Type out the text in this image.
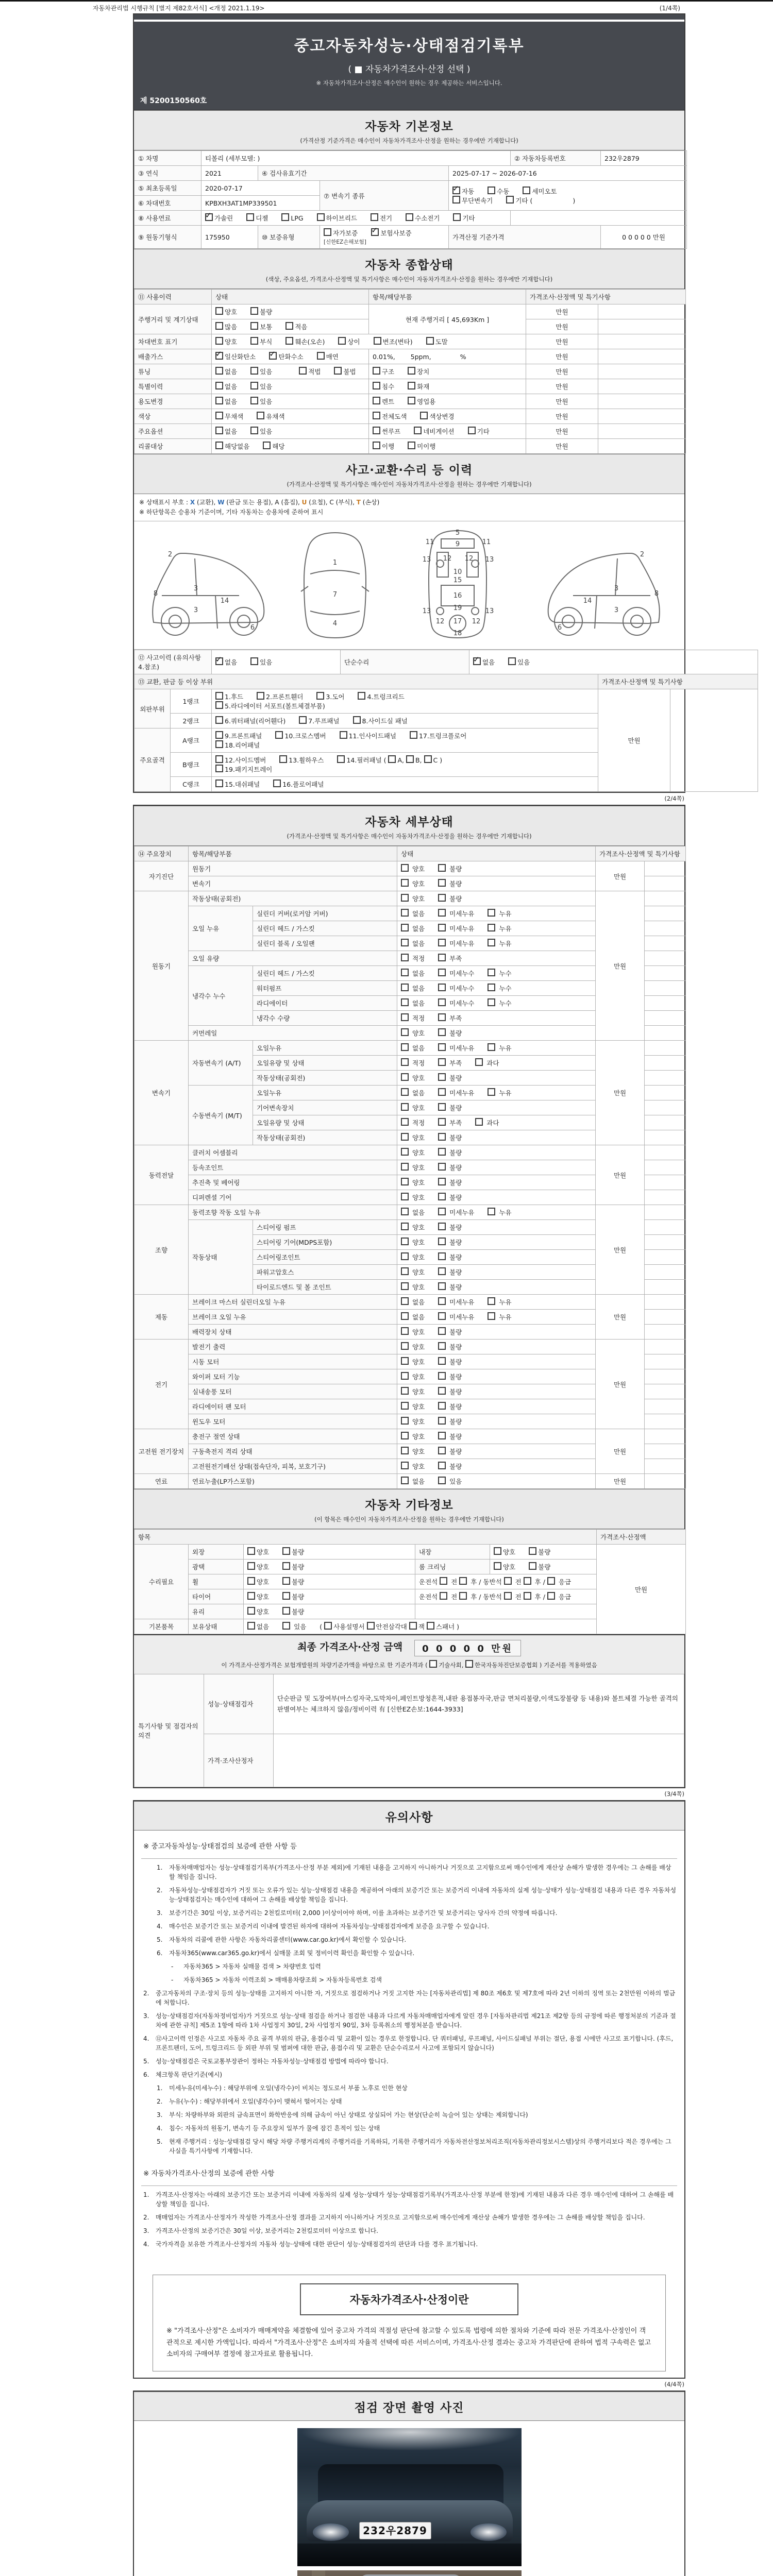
자동차관리법 시행규칙 [별지 제82호서식] <개정 2021.1.19>	(1/4쪽)
중고자동차성능·상태점검기록부
( ■ 자동차가격조사·산정 선택 )
※ 자동차가격조사·산정은 매수인이 원하는 경우 제공하는 서비스입니다.
제 5200150560호
자동차 기본정보
(가격산정 기준가격은 매수인이 자동차가격조사·산정을 원하는 경우에만 기재합니다)
① 차명	티볼리 (세부모델: )				② 자동차등록번호	232우2879
③ 연식	2021	④ 검사유효기간		2025-07-17 ~ 2026-07-16		
⑤ 최초등록일	2020-07-17		⑦ 변속기 종류	✓자동 수동 세미오토
무단변속기 기타 ( )
⑥ 차대번호	KPBXH3AT1MP339501					
⑧ 사용연료	✓가솔린 디젤 LPG 하이브리드 전기 수소전기 기타	
⑨ 원동기형식	175950	⑩ 보증유형	자가보증 ✓ 보험사보증 [신한EZ손해보험]	가격산정 기준가격		0 0 0 0 0 만원
자동차 종합상태
(색상, 주요옵션, 가격조사·산정액 및 특기사항은 매수인이 자동차가격조사·산정을 원하는 경우에만 기재합니다)
⑪ 사용이력	상태	항목/해당부품	가격조사·산정액 및 특기사항	
주행거리 및 계기상태	양호 불량	현재 주행거리 [ 45,693Km ]	만원	
	많음 보통 적음		만원	
차대번호 표기	양호 부식 훼손(오손) 상이 변조(변타) 도말		만원	
배출가스	✓일산화탄소 ✓ 탄화수소 매연	0.01%, 5ppm, %	만원	
튜닝	없음 있음 적법 불법	구조 장치	만원	
특별이력	없음 있음	침수 화재	만원	
용도변경	없음 있음	렌트 영업용	만원	
색상	무채색 유채색	전체도색 색상변경	만원	
주요옵션	없음 있음	썬루프 네비게이션 기타	만원	
리콜대상	해당없음 해당	이행 미이행	만원	
사고·교환·수리 등 이력
(가격조사·산정액 및 특기사항은 매수인이 자동차가격조사·산정을 원하는 경우에만 기재합니다)
※ 상태표시 부호 : X (교환), W (판금 또는 용접), A (흠집), U (요철), C (부식), T (손상)
※ 하단항목은 승용차 기준이며, 기타 자동차는 승용차에 준하여 표시
2
8
3
3
14
6
1
7
4
5
11	9	11
13 12 12 13
10
15
16
19
13	13
12 17 12
18
2
8
3
3
14
6
⑫ 사고이력 (유의사항 4.참조)	✓없음 있음	단순수리	✓없음 있음
⑬ 교환, 판금 등 이상 부위					가격조사·산정액 및 특기사항	
외판부위	1랭크	1.후드 2.프론트휀더 3.도어 4.트렁크리드
5.라디에이터 서포트(볼트체결부품)			만원	
	2랭크	6.쿼터패널(리어휀다) 7.루프패널 8.사이드실 패널				
주요골격	A랭크	9.프론트패널 10.크로스멤버 11.인사이드패널 17.트렁크플로어
18.리어패널				
	B랭크	12.사이드멤버 13.휠하우스 14.필러패널 ( A, B, C )
19.패키지트레이				
	C랭크	15.대쉬패널 16.플로어패널				
(2/4쪽)
자동차 세부상태
(가격조사·산정액 및 특기사항은 매수인이 자동차가격조사·산정을 원하는 경우에만 기재합니다)
⑭ 주요장치	항목/해당부품		상태	가격조사·산정액 및 특기사항	
자기진단	원동기		양호 불량	만원	
	변속기		양호 불량		
원동기	작동상태(공회전)		양호 불량	만원	
	오일 누유	실린더 커버(로커암 커버)	없음 미세누유 누유		
		실린더 헤드 / 가스킷	없음 미세누유 누유		
		실린더 블록 / 오일팬	없음 미세누유 누유		
	오일 유량		적정 부족		
	냉각수 누수	실린더 헤드 / 가스킷	없음 미세누수 누수		
		워터펌프	없음 미세누수 누수		
		라디에이터	없음 미세누수 누수		
		냉각수 수량	적정 부족		
	커먼레일		양호 불량		
변속기	자동변속기 (A/T)	오일누유	없음 미세누유 누유	만원	
		오일유량 및 상태	적정 부족 과다		
		작동상태(공회전)	양호 불량		
	수동변속기 (M/T)	오일누유	없음 미세누유 누유		
		기어변속장치	양호 불량		
		오일유량 및 상태	적정 부족 과다		
		작동상태(공회전)	양호 불량		
동력전달	클러치 어셈블리		양호 불량	만원	
	등속조인트		양호 불량		
	추진축 및 베어링		양호 불량		
	디퍼렌셜 기어		양호 불량		
조향	동력조향 작동 오일 누유		없음 미세누유 누유	만원	
	작동상태	스티어링 펌프	양호 불량		
		스티어링 기어(MDPS포함)	양호 불량		
		스티어링조인트	양호 불량		
		파워고압호스	양호 불량		
		타이로드엔드 및 볼 조인트	양호 불량		
제동	브레이크 마스터 실린더오일 누유		없음 미세누유 누유	만원	
	브레이크 오일 누유		없음 미세누유 누유		
	배력장치 상태		양호 불량		
전기	발전기 출력		양호 불량	만원	
	시동 모터		양호 불량		
	와이퍼 모터 기능		양호 불량		
	실내송풍 모터		양호 불량		
	라디에이터 팬 모터		양호 불량		
	윈도우 모터		양호 불량		
고전원 전기장치	충전구 절연 상태		양호 불량	만원	
	구동축전지 격리 상태		양호 불량		
	고전원전기배선 상태(접속단자, 피복, 보호기구)		양호 불량		
연료	연료누출(LP가스포함)		없음 있음	만원	
자동차 기타정보
(이 항목은 매수인이 자동차가격조사·산정을 원하는 경우에만 기재합니다)
항목					가격조사·산정액
수리필요	외장	양호 불량	내장	양호 불량	만원
	광택	양호 불량	룸 크리닝	양호 불량	
	휠	양호 불량	운전석  전  후 / 동반석  전  후 /  응급		
	타이어	양호 불량	운전석  전  후 / 동반석  전  후 /  응급		
	유리	양호 불량			
기본품목	보유상태	없음 있음 ( 사용설명서 안전삼각대 잭 스패너 )			
최종 가격조사·산정 금액 0 0 0 0 0 만원
이 가격조사·산정가격은 보험개발원의 차량기준가액을 바탕으로 한 기준가격과 ( 기술사회, 한국자동차진단보증협회 ) 기준서를 적용하였음
특기사항 및 점검자의 의견	성능·상태점검자	단순판금 및 도장여부(마스킹자국,도막차이,페인트방청흔적,내판 용접봉자국,판금 면처리불량,이색도장불량 등 내용)와 볼트체결 가능한 골격의 판별여부는 체크하지 않음/정비이력 有 [신한EZ손보:1644-3933]
	가격·조사산정자	
(3/4쪽)
유의사항
※ 중고자동차성능·상태점검의 보증에 관한 사항 등
1.	자동차매매업자는 성능·상태점검기록부(가격조사·산정 부분 제외)에 기재된 내용을 고지하지 아니하거나 거짓으로 고지함으로써 매수인에게 재산상 손해가 발생한 경우에는 그 손해를 배상할 책임을 집니다.
2.	자동차성능·상태점검자가 거짓 또는 오류가 있는 성능·상태점검 내용을 제공하여 아래의 보증기간 또는 보증거리 이내에 자동차의 실제 성능·상태가 성능·상태점검 내용과 다른 경우 자동차성능·상태점검자는 매수인에 대하여 그 손해를 배상할 책임을 집니다.
3.	보증기간은 30일 이상, 보증거리는 2천킬로미터( 2,000 )이상이어야 하며, 이를 초과하는 보증기간 및 보증거리는 당사자 간의 약정에 따릅니다.
4.	매수인은 보증기간 또는 보증거리 이내에 발견된 하자에 대하여 자동차성능·상태점검자에게 보증을 요구할 수 있습니다.
5.	자동차의 리콜에 관한 사항은 자동차리콜센터(www.car.go.kr)에서 확인할 수 있습니다.
6.	자동차365(www.car365.go.kr)에서 실매물 조회 및 정비이력 확인을 확인할 수 있습니다.
-	자동차365 > 자동차 실매물 검색 > 차량번호 입력
-	자동차365 > 자동차 이력조회 > 매매용차량조회 > 자동차등록번호 검색
2.	중고자동차의 구조·장치 등의 성능·상태를 고지하지 아니한 자, 거짓으로 점검하거나 거짓 고지한 자는 [자동차관리법] 제 80조 제6호 및 제7호에 따라 2년 이하의 징역 또는 2천만원 이하의 벌금에 처합니다.
3.	성능·상태점검자(자동차정비업자)가 거짓으로 성능·상태 점검을 하거나 점검한 내용과 다르게 자동차매매업자에게 알린 경우 [자동차관리법 제21조 제2항 등의 규정에 따른 행정처분의 기준과 절차에 관한 규칙] 제5조 1항에 따라 1차 사업정지 30일, 2차 사업정지 90일, 3차 등록취소의 행정처분을 받습니다.
4.	⑫사고이력 인정은 사고로 자동차 주요 골격 부위의 판금, 용접수리 및 교환이 있는 경우로 한정합니다. 단 쿼터패널, 루프패널, 사이드실패널 부위는 절단, 용접 시에만 사고로 표기합니다. (후드, 프론트펜더, 도어, 트렁크리드 등 외판 부위 및 범퍼에 대한 판금, 용접수리 및 교환은 단순수리로서 사고에 포함되지 않습니다)
5.	성능·상태점검은 국토교통부장관이 정하는 자동차성능·상태점검 방법에 따라야 합니다.
6.	체크항목 판단기준(예시)
1.	미세누유(미세누수) : 해당부위에 오일(냉각수)이 비치는 정도로서 부품 노후로 인한 현상
2.	누유(누수) : 해당부위에서 오일(냉각수)이 맺혀서 떨어지는 상태
3.	부식: 차량하부와 외판의 금속표면이 화학반응에 의해 금속이 아닌 상태로 상실되어 가는 현상(단순히 녹슬어 있는 상태는 제외합니다)
4.	침수: 자동차의 원동기, 변속기 등 주요장치 일부가 물에 잠긴 흔적이 있는 상태
5.	현재 주행거리 : 성능·상태점검 당시 해당 차량 주행거리계의 주행거리를 기록하되, 기록한 주행거리가 자동차전산정보처리조직(자동차관리정보시스템)상의 주행거리보다 적은 경우에는 그 사실을 특기사항에 기재합니다.
※ 자동차가격조사·산정의 보증에 관한 사항
1.	가격조사·산정자는 아래의 보증기간 또는 보증거리 이내에 자동차의 실제 성능·상태가 성능·상태점검기록부(가격조사·산정 부분에 한정)에 기재된 내용과 다른 경우 매수인에 대하여 그 손해를 배상할 책임을 집니다.
2.	매매업자는 가격조사·산정자가 작성한 가격조사·산정 결과를 고지하지 아니하거나 거짓으로 고지함으로써 매수인에게 재산상 손해가 발생한 경우에는 그 손해를 배상할 책임을 집니다.
3.	가격조사·산정의 보증기간은 30일 이상, 보증거리는 2천킬로미터 이상으로 합니다.
4.	국가자격을 보유한 가격조사·산정자의 자동차 성능·상태에 대한 판단이 성능·상태점검자의 판단과 다를 경우 표기됩니다.
자동차가격조사·산정이란
※ "가격조사·산정"은 소비자가 매매계약을 체결함에 있어 중고차 가격의 적절성 판단에 참고할 수 있도록 법령에 의한 절차와 기준에 따라 전문 가격조사·산정인이 객관적으로 제시한 가액입니다. 따라서 "가격조사·산정"은 소비자의 자율적 선택에 따른 서비스이며, 가격조사·산정 결과는 중고차 가격판단에 관하여 법적 구속력은 없고 소비자의 구매여부 결정에 참고자료로 활용됩니다.
(4/4쪽)
점검 장면 촬영 사진
232우2879
